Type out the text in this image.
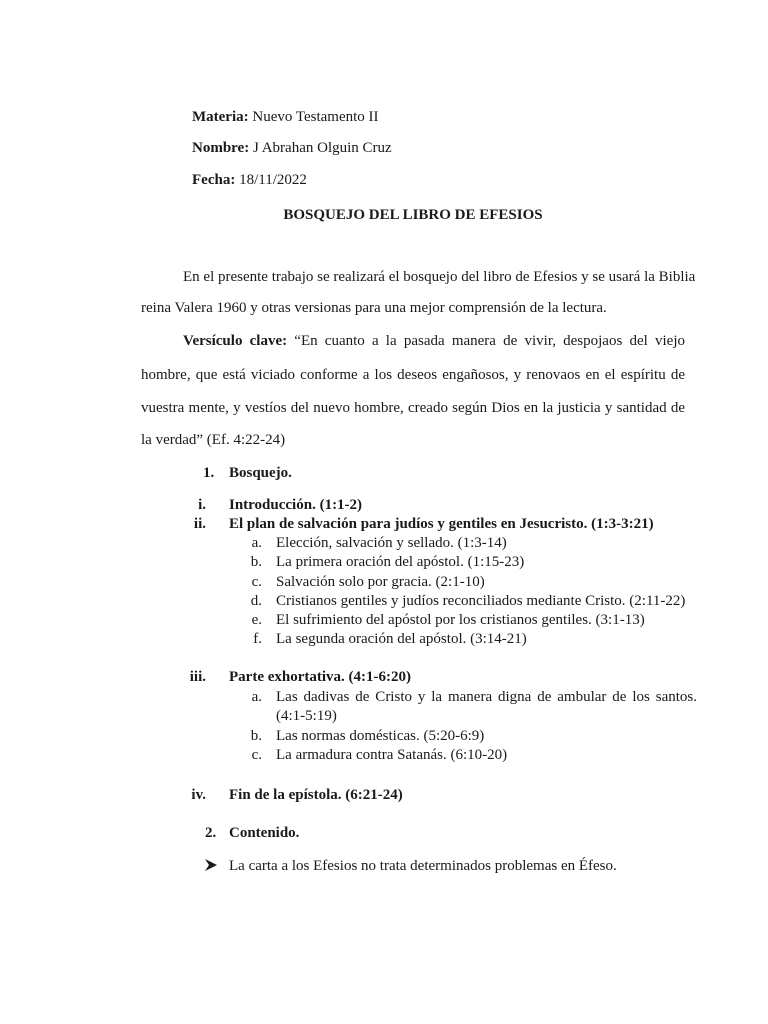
Materia: Nuevo Testamento II
Nombre: J Abrahan Olguin Cruz
Fecha: 18/11/2022
BOSQUEJO DEL LIBRO DE EFESIOS
En el presente trabajo se realizará el bosquejo del libro de Efesios y se usará la Biblia
reina Valera 1960 y otras versionas para una mejor comprensión de la lectura.
Versículo clave: “En cuanto a la pasada manera de vivir, despojaos del viejo
hombre, que está viciado conforme a los deseos engañosos, y renovaos en el espíritu de
vuestra mente, y vestíos del nuevo hombre, creado según Dios en la justicia y santidad de
la verdad” (Ef. 4:22-24)
1. Bosquejo.
i. Introducción. (1:1-2)
ii. El plan de salvación para judíos y gentiles en Jesucristo. (1:3-3:21)
a. Elección, salvación y sellado. (1:3-14)
b. La primera oración del apóstol. (1:15-23)
c. Salvación solo por gracia. (2:1-10)
d. Cristianos gentiles y judíos reconciliados mediante Cristo. (2:11-22)
e. El sufrimiento del apóstol por los cristianos gentiles. (3:1-13)
f. La segunda oración del apóstol. (3:14-21)
iii. Parte exhortativa. (4:1-6:20)
a. Las dadivas de Cristo y la manera digna de ambular de los santos.
(4:1-5:19)
b. Las normas domésticas. (5:20-6:9)
c. La armadura contra Satanás. (6:10-20)
iv. Fin de la epístola. (6:21-24)
2. Contenido.
La carta a los Efesios no trata determinados problemas en Éfeso.
